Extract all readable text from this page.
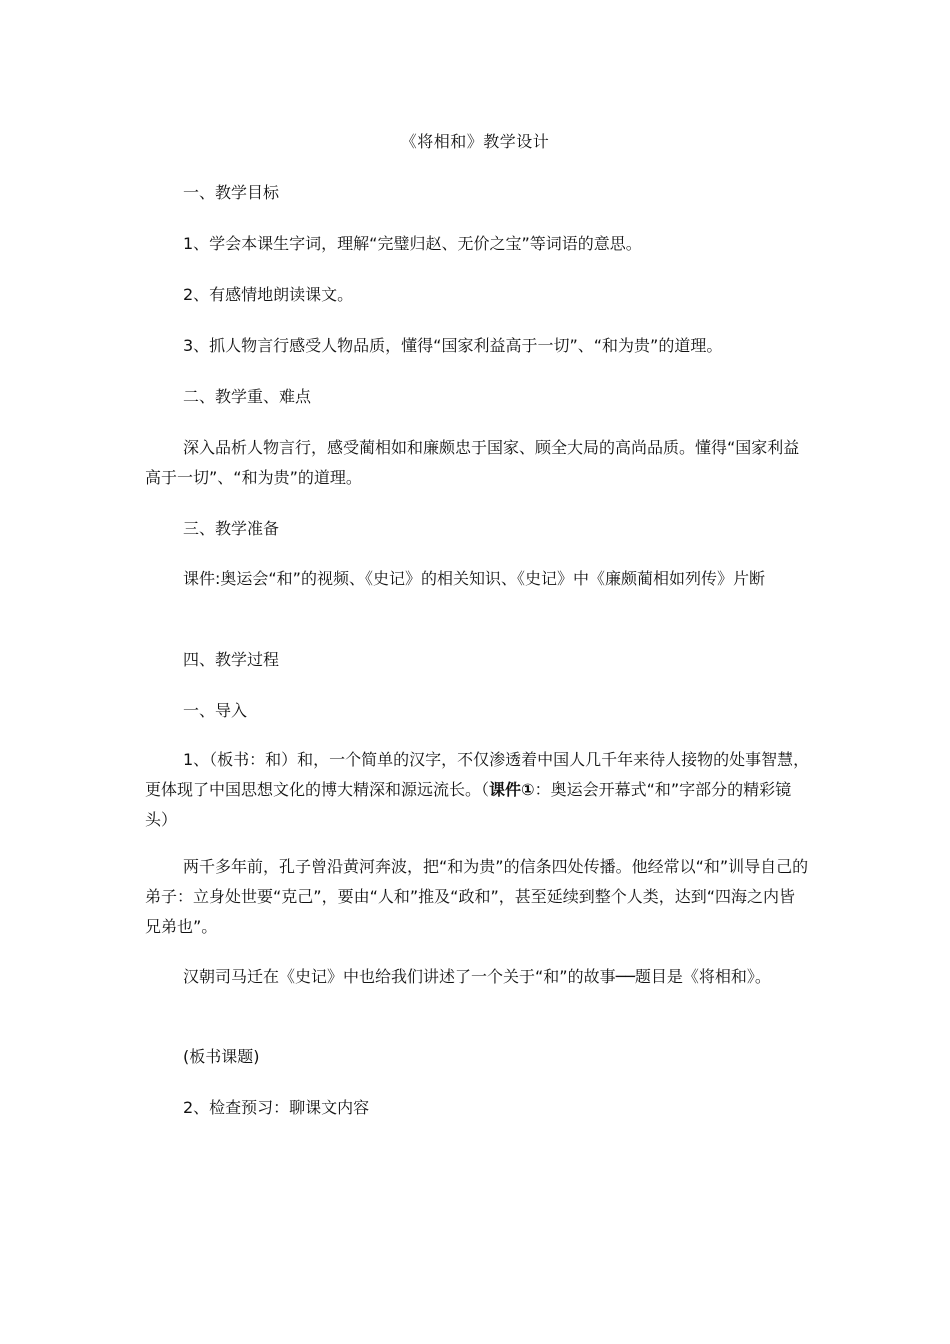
《将相和》教学设计

一、教学目标

1、学会本课生字词，理解“完璧归赵、无价之宝”等词语的意思。

2、有感情地朗读课文。

3、抓人物言行感受人物品质，懂得“国家利益高于一切”、“和为贵”的道理。

二、教学重、难点

深入品析人物言行，感受蔺相如和廉颇忠于国家、顾全大局的高尚品质。懂得“国家利益高于一切”、“和为贵”的道理。

三、教学准备

课件:奥运会“和”的视频、《史记》的相关知识、《史记》中《廉颇蔺相如列传》片断

四、教学过程

一、导入

1、（板书：和）和，一个简单的汉字，不仅渗透着中国人几千年来待人接物的处事智慧，更体现了中国思想文化的博大精深和源远流长。（课件①：奥运会开幕式“和”字部分的精彩镜头）

两千多年前，孔子曾沿黄河奔波，把“和为贵”的信条四处传播。他经常以“和”训导自己的弟子：立身处世要“克己”，要由“人和”推及“政和”，甚至延续到整个人类，达到“四海之内皆兄弟也”。

汉朝司马迁在《史记》中也给我们讲述了一个关于“和”的故事──题目是《将相和》。

(板书课题)

2、检查预习：聊课文内容
